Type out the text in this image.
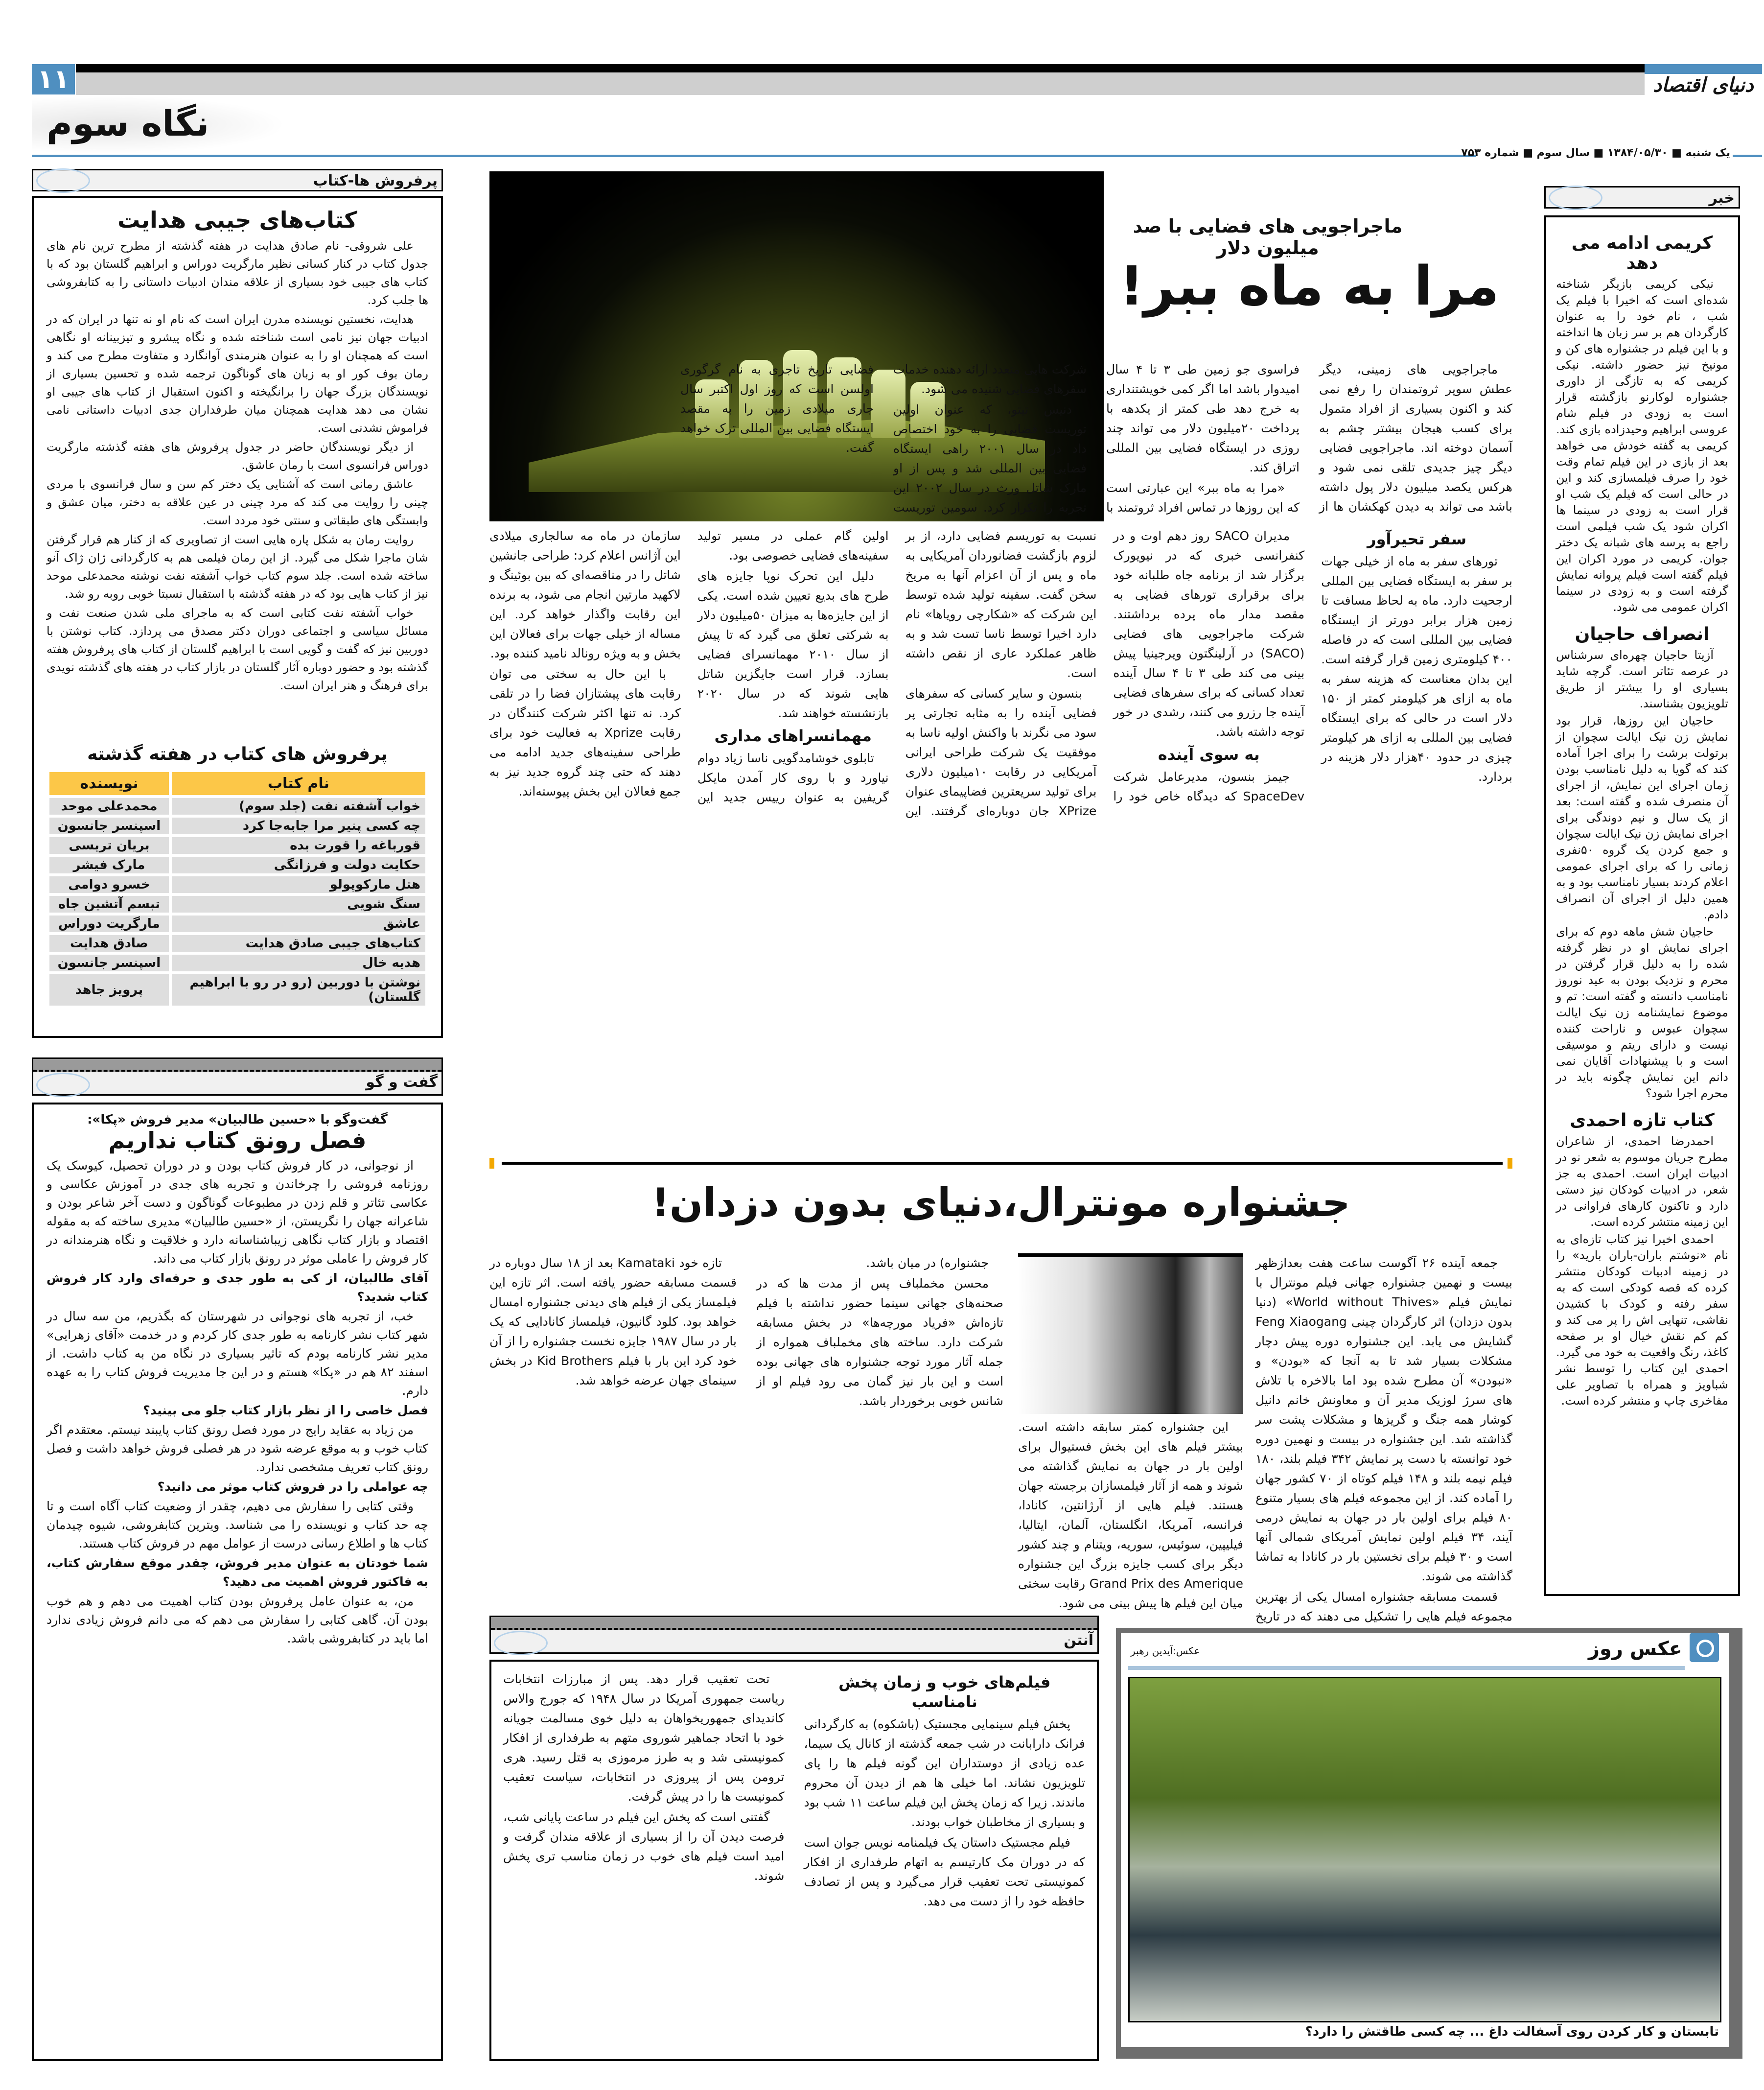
۱۱	دنیای اقتصاد
نگاه سوم
یک شنبه ■ ۱۳۸۴/۰۵/۳۰ ■ سال سوم ■ شماره ۷۵۳
پرفروش ها-کتاب
کتاب‌های جیبی هدایت

علی شروقی- نام صادق هدایت در هفته گذشته از مطرح ترین نام های جدول کتاب در کنار کسانی نظیر مارگریت دوراس و ابراهیم گلستان بود که با کتاب های جیبی خود بسیاری از علاقه مندان ادبیات داستانی را به کتابفروشی ها جلب کرد.

هدایت، نخستین نویسنده مدرن ایران است که نام او نه تنها در ایران که در ادبیات جهان نیز نامی است شناخته شده و نگاه پیشرو و تیزبینانه او نگاهی است که همچنان او را به عنوان هنرمندی آوانگارد و متفاوت مطرح می کند و رمان بوف کور او به زبان های گوناگون ترجمه شده و تحسین بسیاری از نویسندگان بزرگ جهان را برانگیخته و اکنون استقبال از کتاب های جیبی او نشان می دهد هدایت همچنان میان طرفداران جدی ادبیات داستانی نامی فراموش نشدنی است.

از دیگر نویسندگان حاضر در جدول پرفروش های هفته گذشته مارگریت دوراس فرانسوی است با رمان عاشق.

عاشق رمانی است که آشنایی یک دختر کم سن و سال فرانسوی با مردی چینی را روایت می کند که مرد چینی در عین علاقه به دختر، میان عشق و وابستگی های طبقاتی و سنتی خود مردد است.

روایت رمان به شکل پاره هایی است از تصاویری که از کنار هم قرار گرفتن شان ماجرا شکل می گیرد. از این رمان فیلمی هم به کارگردانی ژان ژاک آنو ساخته شده است. جلد سوم کتاب خواب آشفته نفت نوشته محمدعلی موحد نیز از کتاب هایی بود که در هفته گذشته با استقبال نسبتا خوبی روبه رو شد.

خواب آشفته نفت کتابی است که به ماجرای ملی شدن صنعت نفت و مسائل سیاسی و اجتماعی دوران دکتر مصدق می پردازد. کتاب نوشتن با دوربین نیز که گفت و گویی است با ابراهیم گلستان از کتاب های پرفروش هفته گذشته بود و حضور دوباره آثار گلستان در بازار کتاب در هفته های گذشته نویدی برای فرهنگ و هنر ایران است.

پرفروش های کتاب در هفته گذشته
نام کتاب	نویسنده
خواب آشفته نفت (جلد سوم)	محمدعلی موحد
چه کسی پنیر مرا جابه‌جا کرد	اسپنسر جانسون
قورباغه را قورت بده	بریان تریسی
حکایت دولت و فرزانگی	مارک فیشر
هتل مارکوپولو	خسرو دوامی
سنگ شویی	تبسم آتشین جاه
عاشق	مارگریت دوراس
کتاب‌های جیبی صادق هدایت	صادق هدایت
هدیه خال	اسپنسر جانسون
نوشتن با دوربین (رو در رو با ابراهیم گلستان)	پرویز جاهد
گفت و گو
گفت‌وگو با «حسین طالبیان» مدیر فروش «پکا»:
فصل رونق کتاب نداریم

از نوجوانی، در کار فروش کتاب بودن و در دوران تحصیل، کیوسک یک روزنامه فروشی را چرخاندن و تجربه های جدی در آموزش عکاسی و عکاسی تئاتر و قلم زدن در مطبوعات گوناگون و دست آخر شاعر بودن و شاعرانه جهان را نگریستن، از «حسین طالبیان» مدیری ساخته که به مقوله اقتصاد و بازار کتاب نگاهی زیباشناسانه دارد و خلاقیت و نگاه هنرمندانه در کار فروش را عاملی موثر در رونق بازار کتاب می داند.

آقای طالبیان، از کی به طور جدی و حرفه‌ای وارد کار فروش کتاب شدید؟

خب، از تجربه های نوجوانی در شهرستان که بگذریم، من سه سال در شهر کتاب نشر کارنامه به طور جدی کار کردم و در خدمت «آقای زهرایی» مدیر نشر کارنامه بودم که تاثیر بسیاری در نگاه من به کتاب داشت. از اسفند ۸۲ هم در «پکا» هستم و در این جا مدیریت فروش کتاب را به عهده دارم.

فصل خاصی را از نظر بازار کتاب جلو می بینید؟

من زیاد به عقاید رایج در مورد فصل رونق کتاب پایبند نیستم. معتقدم اگر کتاب خوب و به موقع عرضه شود در هر فصلی فروش خواهد داشت و فصل رونق کتاب تعریف مشخصی ندارد.

چه عواملی را در فروش کتاب موثر می دانید؟

وقتی کتابی را سفارش می دهیم، چقدر از وضعیت کتاب آگاه است و تا چه حد کتاب و نویسنده را می شناسد. ویترین کتابفروشی، شیوه چیدمان کتاب ها و اطلاع رسانی درست از عوامل مهم در فروش کتاب هستند.

شما خودتان به عنوان مدیر فروش، چقدر موقع سفارش کتاب، به فاکتور فروش اهمیت می دهید؟

من، به عنوان عامل پرفروش بودن کتاب اهمیت می دهم و هم خوب بودن آن. گاهی کتابی را سفارش می دهم که می دانم فروش زیادی ندارد اما باید در کتابفروشی باشد.

ماجراجویی های فضایی با صد میلیون دلار
مرا به ماه ببر!

ماجراجویی های زمینی، دیگر عطش سوپر ثروتمندان را رفع نمی کند و اکنون بسیاری از افراد متمول برای کسب هیجان بیشتر چشم به آسمان دوخته اند. ماجراجویی فضایی دیگر چیز جدیدی تلقی نمی شود و هرکس یکصد میلیون دلار پول داشته باشد می تواند به دیدن کهکشان ها از فراسوی جو زمین طی ۳ تا ۴ سال امیدوار باشد اما اگر کمی خویشتنداری به خرج دهد طی کمتر از یکدهه با پرداخت ۲۰میلیون دلار می تواند چند روزی در ایستگاه فضایی بین المللی اتراق کند.

«مرا به ماه ببر» این عبارتی است که این روزها در تماس افراد ثروتمند با شرکت هایی متعدد ارائه دهنده خدمات سفرهای فضایی شنیده می شود.

دنیس تیتو، که عنوان اولین توریست فضایی را به خود اختصاص داد در سال ۲۰۰۱ راهی ایستگاه فضایی بین المللی شد و پس از او مارک شاتل ورث در سال ۲۰۰۲ این تجربه را تکرار کرد. سومین توریست فضایی تاریخ تاجری به نام گرگوری اولسن است که روز اول اکتبر سال جاری میلادی زمین را به مقصد ایستگاه فضایی بین المللی ترک خواهد گفت.

سفر تحیرآور

تورهای سفر به ماه از خیلی جهات بر سفر به ایستگاه فضایی بین المللی ارجحیت دارد. ماه به لحاظ مسافت تا زمین هزار برابر دورتر از ایستگاه فضایی بین المللی است که در فاصله ۴۰۰ کیلومتری زمین قرار گرفته است. این بدان معناست که هزینه سفر به ماه به ازای هر کیلومتر کمتر از ۱۵۰ دلار است در حالی که برای ایستگاه فضایی بین المللی به ازای هر کیلومتر چیزی در حدود ۴۰هزار دلار هزینه در بردارد.

مدیران SACO روز دهم اوت و در کنفرانسی خبری که در نیویورک برگزار شد از برنامه جاه طلبانه خود برای برقراری تورهای فضایی به مقصد مدار ماه پرده برداشتند. شرکت ماجراجویی های فضایی (SACO) در آرلینگتون ویرجینیا پیش بینی می کند طی ۳ تا ۴ سال آینده تعداد کسانی که برای سفرهای فضایی آینده جا رزرو می کنند، رشدی در خور توجه داشته باشد.

به سوی آینده

جیمز بنسون، مدیرعامل شرکت SpaceDev که دیدگاه خاص خود را نسبت به توریسم فضایی دارد، از بر لزوم بازگشت فضانوردان آمریکایی به ماه و پس از آن اعزام آنها به مریخ سخن گفت. سفینه تولید شده توسط این شرکت که «شکارچی رویاها» نام دارد اخیرا توسط ناسا تست شد و به ظاهر عملکرد عاری از نقص داشته است.

بنسون و سایر کسانی که سفرهای فضایی آینده را به مثابه تجارتی پر سود می نگرند با واکنش اولیه ناسا به موفقیت یک شرکت طراحی ایرانی آمریکایی در رقابت ۱۰میلیون دلاری برای تولید سریعترین فضاپیمای عنوان XPrize جان دوباره‌ای گرفتند. این اولین گام عملی در مسیر تولید سفینه‌های فضایی خصوصی بود.

دلیل این تحرک نوپا جایزه های طرح های بدیع تعیین شده است. یکی از این جایزه‌ها به میزان ۵۰میلیون دلار به شرکتی تعلق می گیرد که تا پیش از سال ۲۰۱۰ مهمانسرای فضایی بسازد. قرار است جایگزین شاتل هایی شوند که در سال ۲۰۲۰ بازنشسته خواهند شد.

مهمانسراهای مداری

تابلوی خوشامدگویی ناسا زیاد دوام نیاورد و با روی کار آمدن مایکل گریفین به عنوان رییس جدید این سازمان در ماه مه سالجاری میلادی این آژانس اعلام کرد: طراحی جانشین شاتل را در مناقصه‌ای که بین بوئینگ و لاکهید مارتین انجام می شود، به برنده این رقابت واگذار خواهد کرد. این مساله از خیلی جهات برای فعالان این بخش و به ویژه رونالد نامید کننده بود.

با این حال به سختی می توان رقابت های پیشتازان فضا را در تلقی کرد. نه تنها اکثر شرکت کنندگان در رقابت Xprize به فعالیت خود برای طراحی سفینه‌های جدید ادامه می دهند که حتی چند گروه جدید نیز به جمع فعالان این بخش پیوسته‌اند.

جشنواره مونترال،دنیای بدون دزدان!

جمعه آینده ۲۶ آگوست ساعت هفت بعدازظهر بیست و نهمین جشنواره جهانی فیلم مونترال با نمایش فیلم «World without Thives» (دنیا بدون دزدان) اثر کارگردان چینی Feng Xiaogang گشایش می یابد. این جشنواره دوره پیش دچار مشکلات بسیار شد تا به آنجا که «بودن» و «نبودن» آن مطرح شده بود اما بالاخره با تلاش های سرژ لوزیک مدیر آن و معاونش خانم دانیل کوشار همه جنگ و گریزها و مشکلات پشت سر گذاشته شد. این جشنواره در بیست و نهمین دوره خود توانسته با دست پر نمایش ۳۴۲ فیلم بلند، ۱۸۰ فیلم نیمه بلند و ۱۴۸ فیلم کوتاه از ۷۰ کشور جهان را آماده کند. از این مجموعه فیلم های بسیار متنوع ۸۰ فیلم برای اولین بار در جهان به نمایش درمی آیند، ۳۴ فیلم اولین نمایش آمریکای شمالی آنها است و ۳۰ فیلم برای نخستین بار در کانادا به تماشا گذاشته می شوند.

قسمت مسابقه جشنواره امسال یکی از بهترین مجموعه فیلم هایی را تشکیل می دهند که در تاریخ

این جشنواره کمتر سابقه داشته است. بیشتر فیلم های این بخش فستیوال برای اولین بار در جهان به نمایش گذاشته می شوند و همه از آثار فیلمسازان برجسته جهان هستند. فیلم هایی از آرژانتین، کانادا، فرانسه، آمریکا، انگلستان، آلمان، ایتالیا، فیلیپین، سوئیس، سوریه، ویتنام و چند کشور دیگر برای کسب جایزه بزرگ این جشنواره Grand Prix des Amerique رقابت سختی میان این فیلم ها پیش بینی می شود.

جشنواره) در میان باشد.

محسن مخملباف پس از مدت ها که در صحنه‌های جهانی سینما حضور نداشته با فیلم تازه‌اش «فریاد مورچه‌ها» در بخش مسابقه شرکت دارد. ساخته های مخملباف همواره از جمله آثار مورد توجه جشنواره های جهانی بوده است و این بار نیز گمان می رود فیلم او از شانس خوبی برخوردار باشد.

تازه خود Kamataki بعد از ۱۸ سال دوباره در قسمت مسابقه حضور یافته است. اثر تازه این فیلمساز یکی از فیلم های دیدنی جشنواره امسال خواهد بود. کلود گانیون، فیلمساز کانادایی که یک بار در سال ۱۹۸۷ جایزه نخست جشنواره را از آن خود کرد این بار با فیلم Kid Brothers در بخش سینمای جهان عرضه خواهد شد.

آنتن
فیلم‌های خوب و زمان پخش نامناسب

پخش فیلم سینمایی مجستیک (باشکوه) به کارگردانی فرانک دارابانت در شب جمعه گذشته از کانال یک سیما، عده زیادی از دوستداران این گونه فیلم ها را پای تلویزیون نشاند. اما خیلی ها هم از دیدن آن محروم ماندند. زیرا که زمان پخش این فیلم ساعت ۱۱ شب بود و بسیاری از مخاطبان خواب بودند.

فیلم مجستیک داستان یک فیلمنامه نویس جوان است که در دوران مک کارتیسم به اتهام طرفداری از افکار کمونیستی تحت تعقیب قرار می‌گیرد و پس از تصادف حافظه خود را از دست می دهد.

تحت تعقیب قرار دهد. پس از مبارزات انتخابات ریاست جمهوری آمریکا در سال ۱۹۴۸ که جورج والاس کاندیدای جمهوریخواهان به دلیل خوی مسالمت جویانه خود با اتحاد جماهیر شوروی متهم به طرفداری از افکار کمونیستی شد و به طرز مرموزی به قتل رسید. هری ترومن پس از پیروزی در انتخابات، سیاست تعقیب کمونیست ها را در پیش گرفت.

گفتنی است که پخش این فیلم در ساعت پایانی شب، فرصت دیدن آن را از بسیاری از علاقه مندان گرفت و امید است فیلم های خوب در زمان مناسب تری پخش شوند.

عکس روز
عکس:آیدین رهبر
تابستان و کار کردن روی آسفالت داغ ... چه کسی طاقتش را دارد؟
خبر
کریمی ادامه می دهد

نیکی کریمی بازیگر شناخته شده‌ای است که اخیرا با فیلم یک شب ، نام خود را به عنوان کارگردان هم بر سر زبان ها انداخته و با این فیلم در جشنواره های کن و مونیخ نیز حضور داشته. نیکی کریمی که به تازگی از داوری جشنواره لوکارنو بازگشته قرار است به زودی در فیلم شام عروسی ابراهیم وحیدزاده بازی کند. کریمی به گفته خودش می خواهد بعد از بازی در این فیلم تمام وقت خود را صرف فیلمسازی کند و این در حالی است که فیلم یک شب او قرار است به زودی در سینما ها اکران شود یک شب فیلمی است راجع به پرسه های شبانه یک دختر جوان. کریمی در مورد اکران این فیلم گفته است فیلم پروانه نمایش گرفته است و به زودی در سینما اکران عمومی می شود.

انصراف حاجیان

آزیتا حاجیان چهره‌ای سرشناس در عرصه تئاتر است. گرچه شاید بسیاری او را بیشتر از طریق تلویزیون بشناسند.

حاجیان این روزها، قرار بود نمایش زن نیک ایالت سچوان از برتولت برشت را برای اجرا آماده کند که گویا به دلیل نامناسب بودن زمان اجرای این نمایش، از اجرای آن منصرف شده و گفته است: بعد از یک سال و نیم دوندگی برای اجرای نمایش زن نیک ایالت سچوان و جمع کردن یک گروه ۵۰نفری زمانی را که برای اجرای عمومی اعلام کردند بسیار نامناسب بود و به همین دلیل از اجرای آن انصراف دادم.

حاجیان شش ماهه دوم که برای اجرای نمایش او در نظر گرفته شده را به دلیل قرار گرفتن در محرم و نزدیک بودن به عید نوروز نامناسب دانسته و گفته است: تم و موضوع نمایشنامه زن نیک ایالت سچوان عبوس و ناراحت کننده نیست و دارای ریتم و موسیقی است و با پیشنهادات آقایان نمی دانم این نمایش چگونه باید در محرم اجرا شود؟

کتاب تازه احمدی

احمدرضا احمدی، از شاعران مطرح جریان موسوم به شعر نو در ادبیات ایران است. احمدی به جز شعر، در ادبیات کودکان نیز دستی دارد و تاکنون کارهای فراوانی در این زمینه منتشر کرده است.

احمدی اخیرا نیز کتاب تازه‌ای به نام «نوشتم باران-باران بارید» را در زمینه ادبیات کودکان منتشر کرده که قصه کودکی است که به سفر رفته و کودک با کشیدن نقاشی، تنهایی اش را پر می کند و کم کم نقش خیال او بر صفحه کاغذ، رنگ واقعیت به خود می گیرد. احمدی این کتاب را توسط نشر شباویز و همراه با تصاویر علی مفاخری چاپ و منتشر کرده است.
